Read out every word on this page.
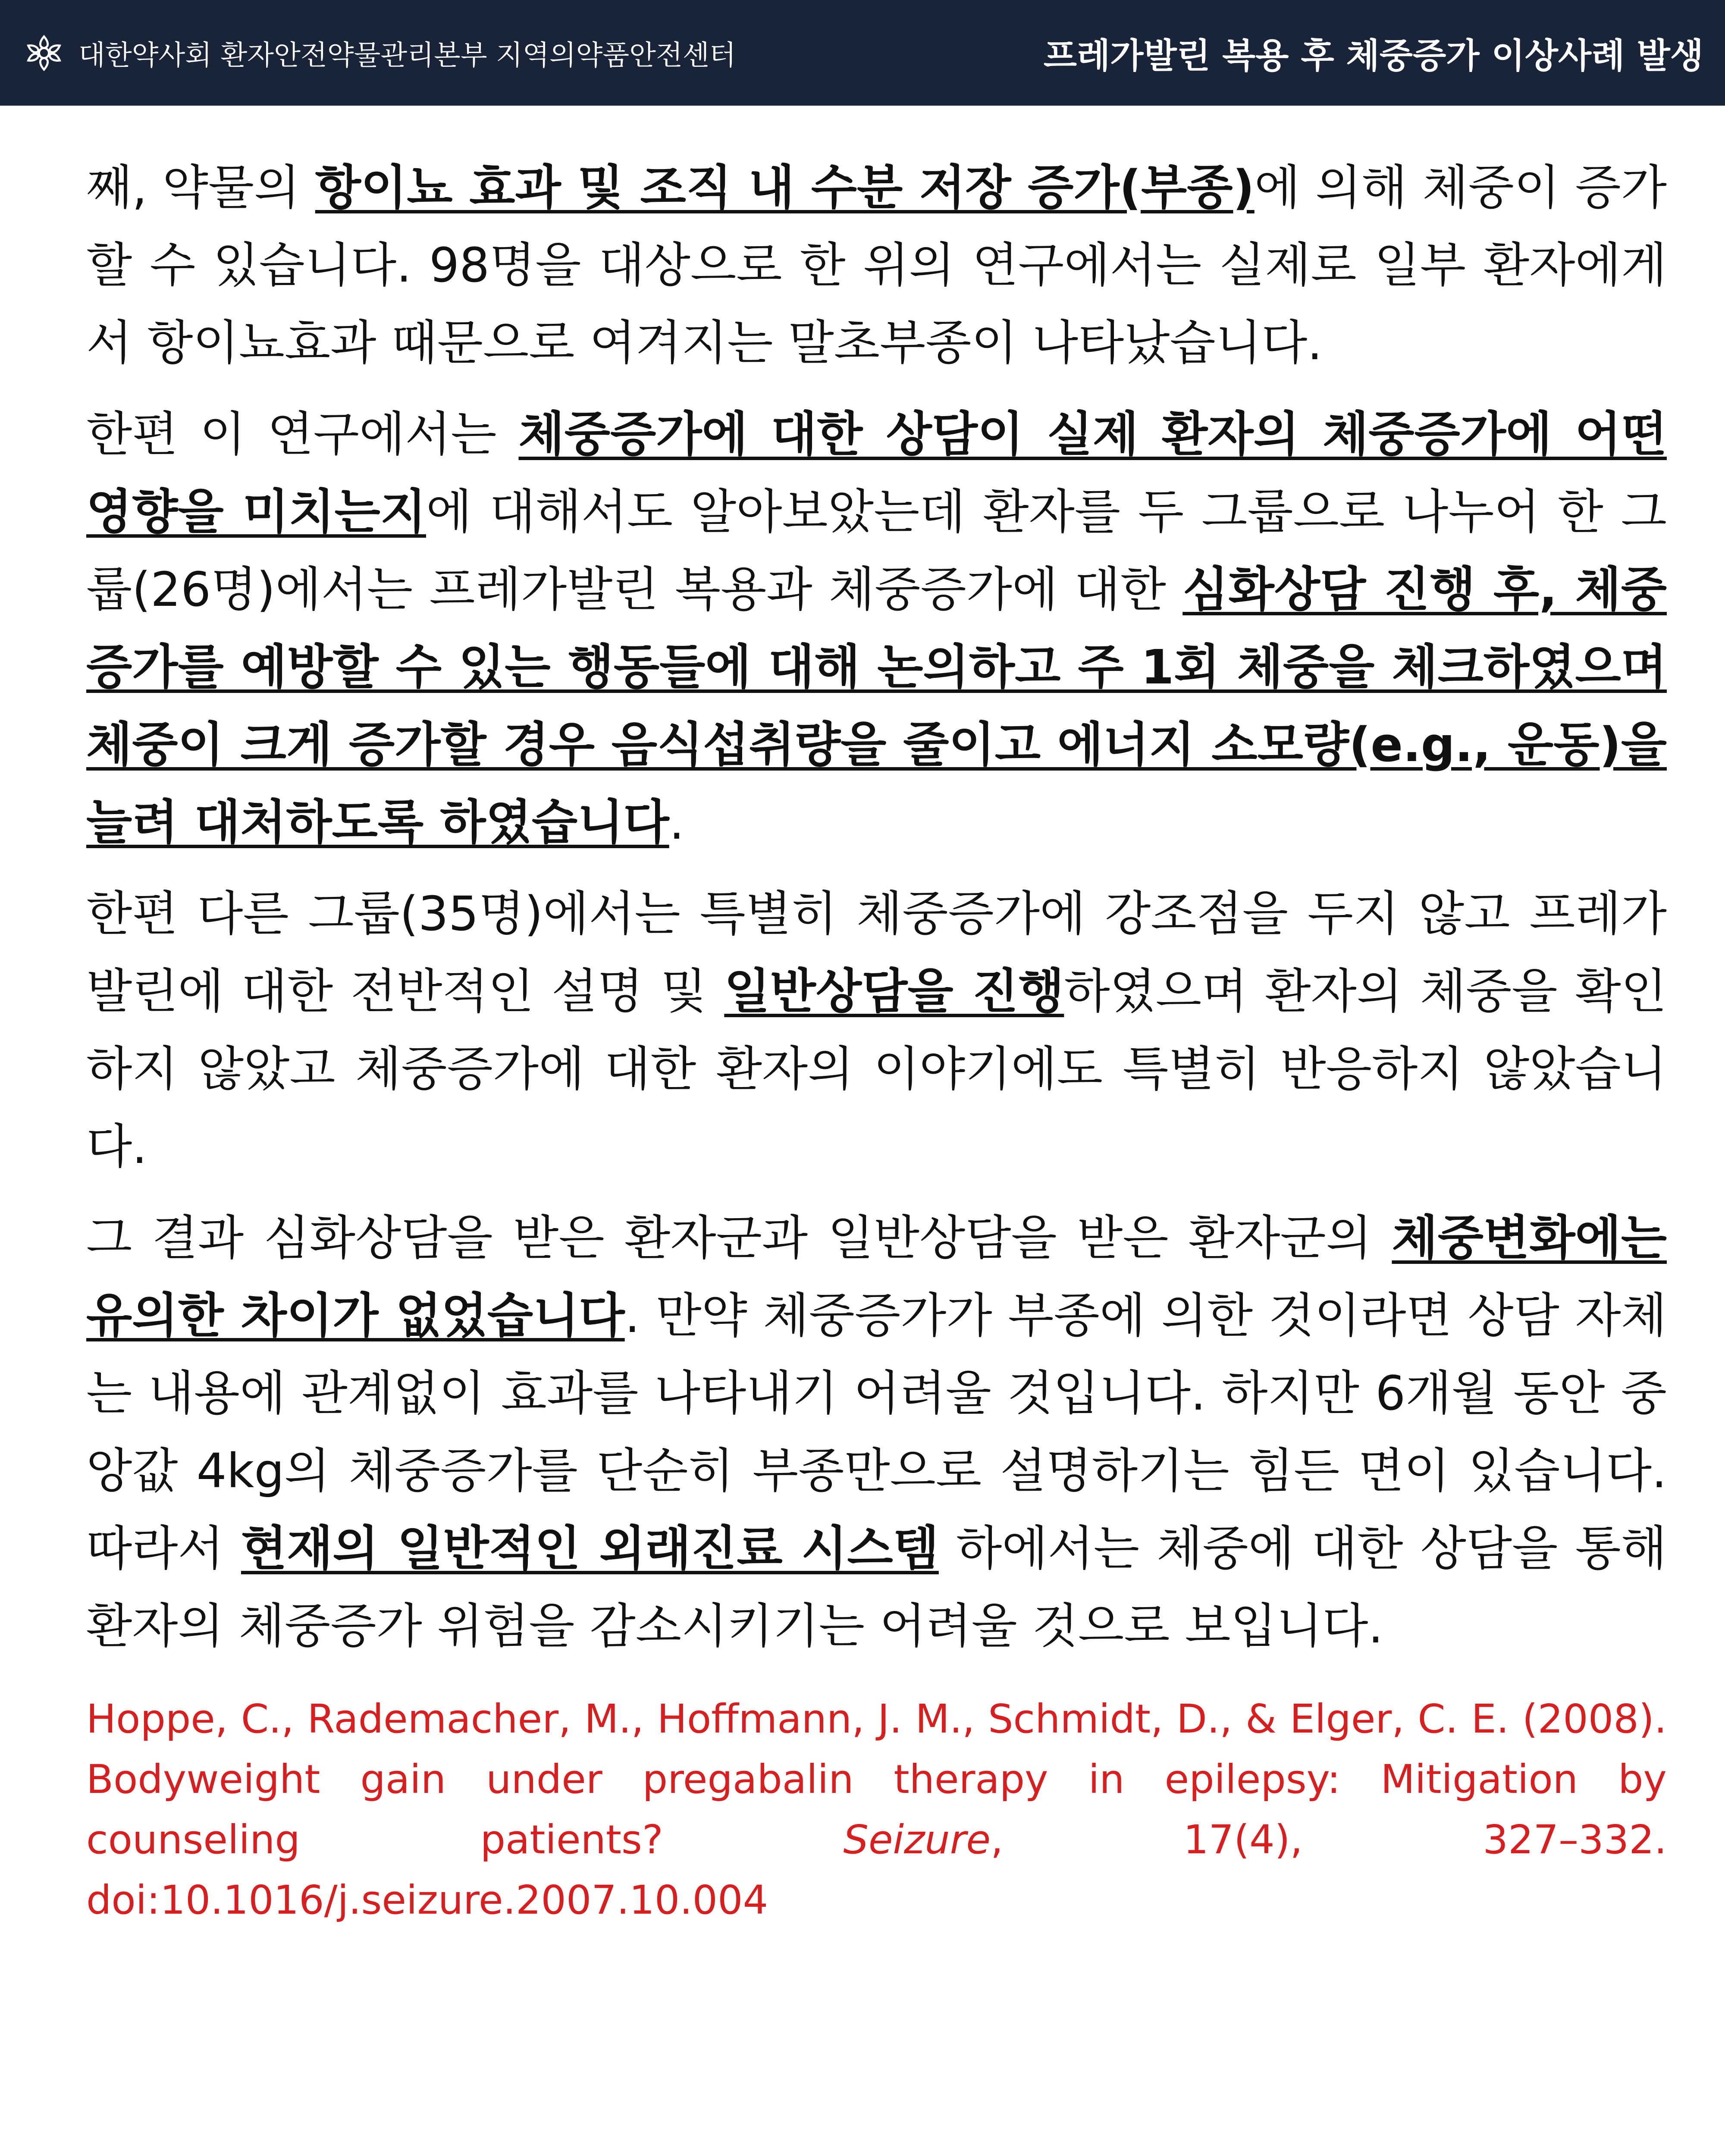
대한약사회 환자안전약물관리본부 지역의약품안전센터	프레가발린 복용 후 체중증가 이상사례 발생

째, 약물의 항이뇨 효과 및 조직 내 수분 저장 증가(부종)에 의해 체중이 증가할 수 있습니다. 98명을 대상으로 한 위의 연구에서는 실제로 일부 환자에게서 항이뇨효과 때문으로 여겨지는 말초부종이 나타났습니다.

한편 이 연구에서는 체중증가에 대한 상담이 실제 환자의 체중증가에 어떤 영향을 미치는지에 대해서도 알아보았는데 환자를 두 그룹으로 나누어 한 그룹(26명)에서는 프레가발린 복용과 체중증가에 대한 심화상담 진행 후, 체중증가를 예방할 수 있는 행동들에 대해 논의하고 주 1회 체중을 체크하였으며 체중이 크게 증가할 경우 음식섭취량을 줄이고 에너지 소모량(e.g., 운동)을 늘려 대처하도록 하였습니다.

한편 다른 그룹(35명)에서는 특별히 체중증가에 강조점을 두지 않고 프레가발린에 대한 전반적인 설명 및 일반상담을 진행하였으며 환자의 체중을 확인하지 않았고 체중증가에 대한 환자의 이야기에도 특별히 반응하지 않았습니다.

그 결과 심화상담을 받은 환자군과 일반상담을 받은 환자군의 체중변화에는 유의한 차이가 없었습니다. 만약 체중증가가 부종에 의한 것이라면 상담 자체는 내용에 관계없이 효과를 나타내기 어려울 것입니다. 하지만 6개월 동안 중앙값 4kg의 체중증가를 단순히 부종만으로 설명하기는 힘든 면이 있습니다. 따라서 현재의 일반적인 외래진료 시스템 하에서는 체중에 대한 상담을 통해 환자의 체중증가 위험을 감소시키기는 어려울 것으로 보입니다.

Hoppe, C., Rademacher, M., Hoffmann, J. M., Schmidt, D., & Elger, C. E. (2008). Bodyweight gain under pregabalin therapy in epilepsy: Mitigation by counseling patients? Seizure, 17(4), 327–332. doi:10.1016/j.seizure.2007.10.004
